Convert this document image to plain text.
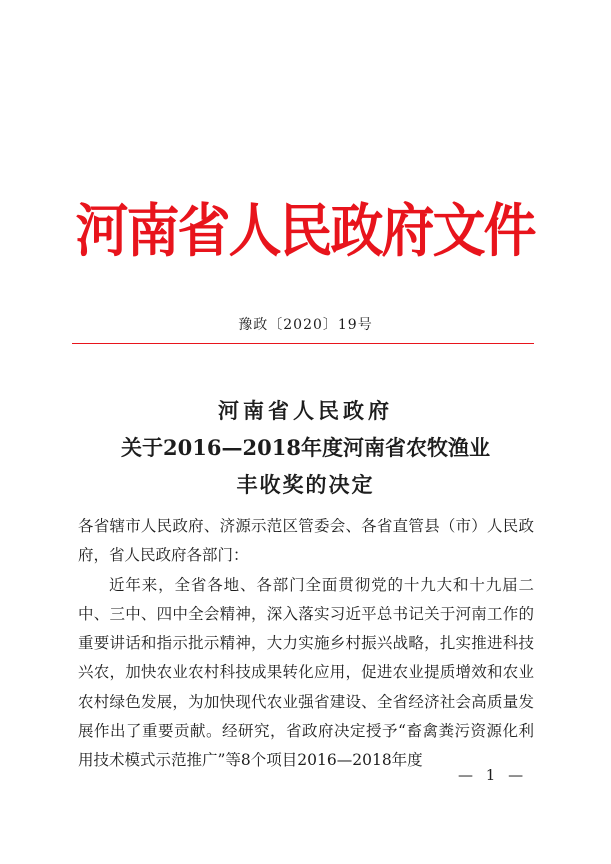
河南省人民政府文件
豫政〔2020〕19号
河南省人民政府
关于2016—2018年度河南省农牧渔业
丰收奖的决定

各省辖市人民政府、济源示范区管委会、各省直管县（市）人民政府，省人民政府各部门：

近年来，全省各地、各部门全面贯彻党的十九大和十九届二中、三中、四中全会精神，深入落实习近平总书记关于河南工作的重要讲话和指示批示精神，大力实施乡村振兴战略，扎实推进科技兴农，加快农业农村科技成果转化应用，促进农业提质增效和农业农村绿色发展，为加快现代农业强省建设、全省经济社会高质量发展作出了重要贡献。经研究，省政府决定授予“畜禽粪污资源化利用技术模式示范推广”等8个项目2016—2018年度

— 1 —
